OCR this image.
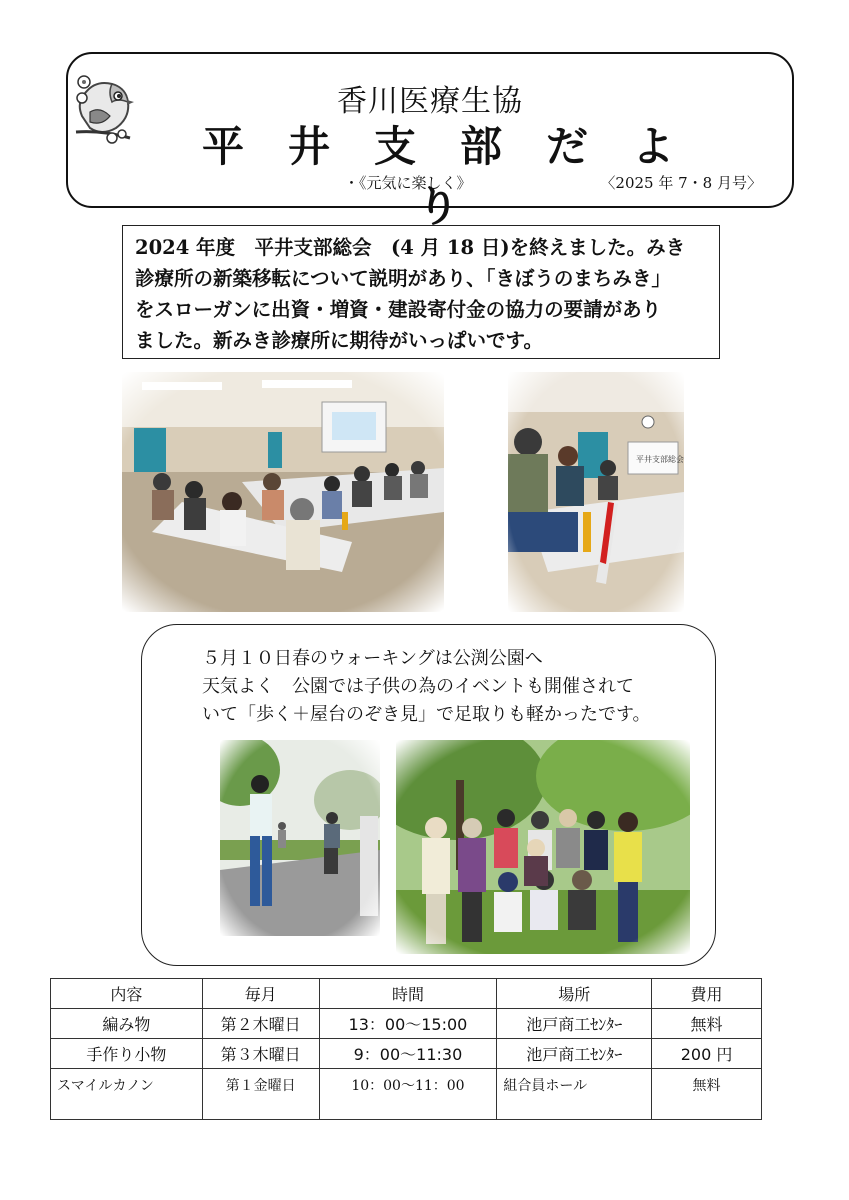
香川医療生協
平井支部だより
・《元気に楽しく》	〈2025 年 7・8 月号〉
2024 年度　平井支部総会　(4 月 18 日)を終えました。みき
診療所の新築移転について説明があり、「きぼうのまちみき」
をスローガンに出資・増資・建設寄付金の協力の要請があり
ました。新みき診療所に期待がいっぱいです。
５月１０日春のウォーキングは公渕公園へ
天気よく　公園では子供の為のイベントも開催されて
いて「歩く＋屋台のぞき見」で足取りも軽かったです。
内容	毎月	時間	場所	費用
編み物	第２木曜日	13：00～15:00	池戸商工ｾﾝﾀｰ	無料
手作り小物	第３木曜日	9：00～11:30	池戸商工ｾﾝﾀｰ	200 円
スマイルカノン	第１金曜日	10：00～11：00	組合員ホール	無料
